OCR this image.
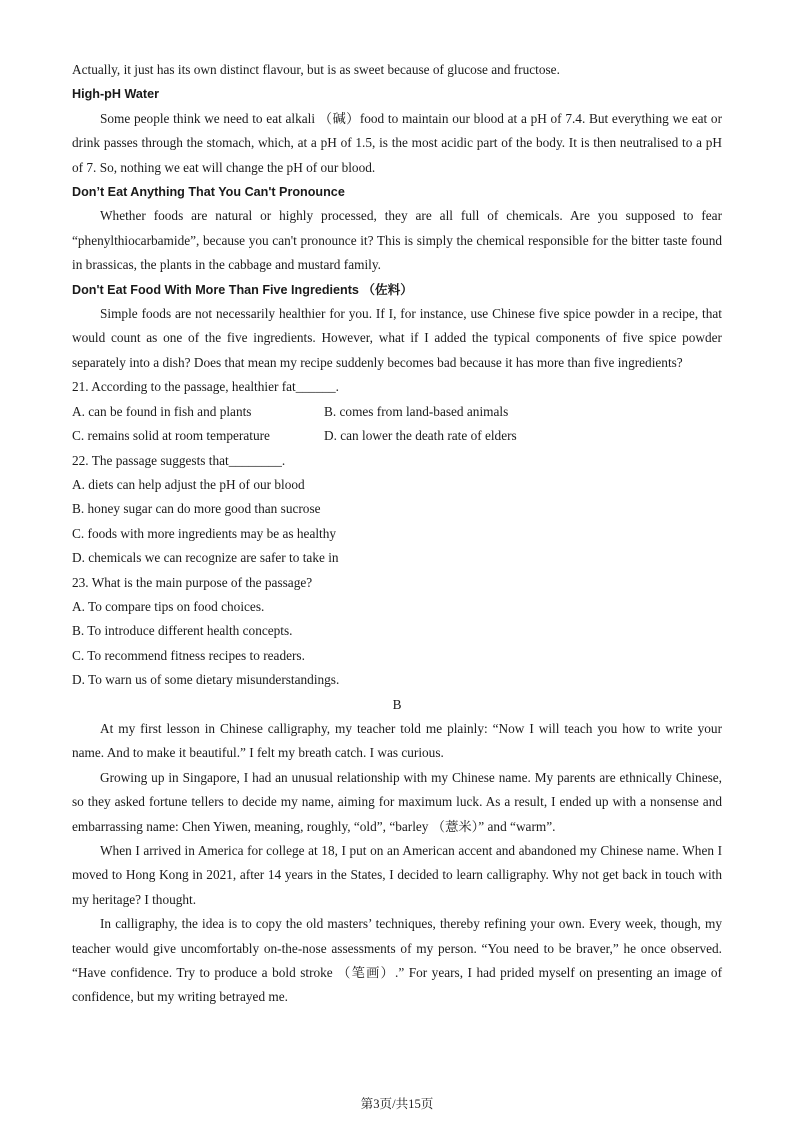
Actually, it just has its own distinct flavour, but is as sweet because of glucose and fructose.

High-pH Water

Some people think we need to eat alkali （碱）food to maintain our blood at a pH of 7.4. But everything we eat or drink passes through the stomach, which, at a pH of 1.5, is the most acidic part of the body. It is then neutralised to a pH of 7. So, nothing we eat will change the pH of our blood.

Don’t Eat Anything That You Can't Pronounce

Whether foods are natural or highly processed, they are all full of chemicals. Are you supposed to fear “phenylthiocarbamide”, because you can't pronounce it? This is simply the chemical responsible for the bitter taste found in brassicas, the plants in the cabbage and mustard family.

Don't Eat Food With More Than Five Ingredients （佐料）

Simple foods are not necessarily healthier for you. If I, for instance, use Chinese five spice powder in a recipe, that would count as one of the five ingredients. However, what if I added the typical components of five spice powder separately into a dish? Does that mean my recipe suddenly becomes bad because it has more than five ingredients?

21. According to the passage, healthier fat______.

A. can be found in fish and plants	B. comes from land-based animals
C. remains solid at room temperature	D. can lower the death rate of elders

22. The passage suggests that________.

A. diets can help adjust the pH of our blood

B. honey sugar can do more good than sucrose

C. foods with more ingredients may be as healthy

D. chemicals we can recognize are safer to take in

23. What is the main purpose of the passage?

A. To compare tips on food choices.

B. To introduce different health concepts.

C. To recommend fitness recipes to readers.

D. To warn us of some dietary misunderstandings.

B

At my first lesson in Chinese calligraphy, my teacher told me plainly: “Now I will teach you how to write your name. And to make it beautiful.” I felt my breath catch. I was curious.

Growing up in Singapore, I had an unusual relationship with my Chinese name. My parents are ethnically Chinese, so they asked fortune tellers to decide my name, aiming for maximum luck. As a result, I ended up with a nonsense and embarrassing name: Chen Yiwen, meaning, roughly, “old”, “barley （薏米）” and “warm”.

When I arrived in America for college at 18, I put on an American accent and abandoned my Chinese name. When I moved to Hong Kong in 2021, after 14 years in the States, I decided to learn calligraphy. Why not get back in touch with my heritage? I thought.

In calligraphy, the idea is to copy the old masters’ techniques, thereby refining your own. Every week, though, my teacher would give uncomfortably on-the-nose assessments of my person. “You need to be braver,” he once observed. “Have confidence. Try to produce a bold stroke （笔画）.” For years, I had prided myself on presenting an image of confidence, but my writing betrayed me.

第3页/共15页
